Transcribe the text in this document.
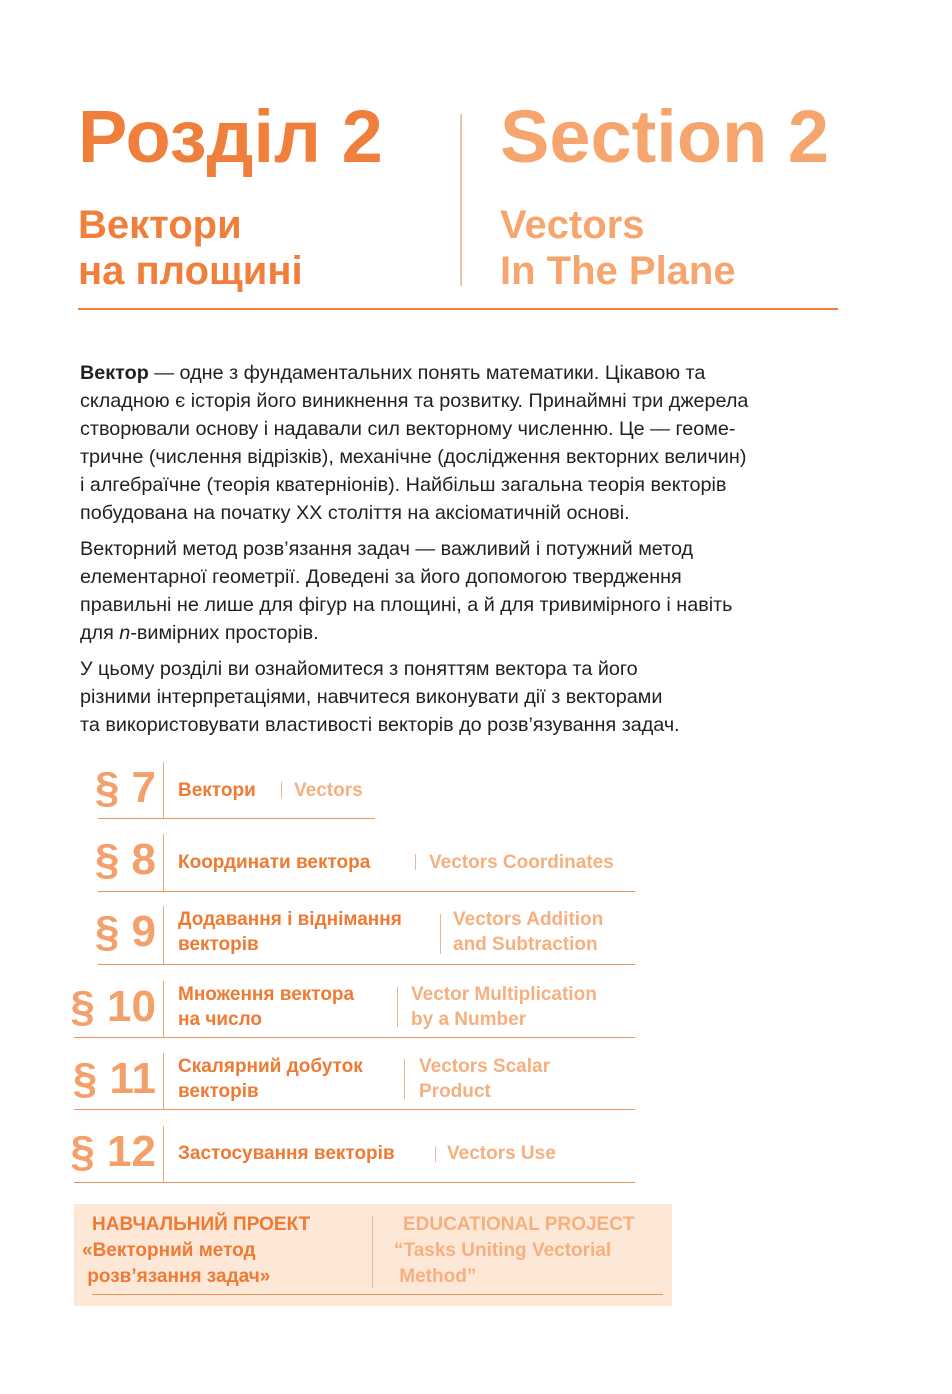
Розділ 2 Section 2
Вектори
на площині
Vectors
In The Plane

Вектор — одне з фундаментальних понять математики. Цікавою та
складною є історія його виникнення та розвитку. Принаймні три джерела
створювали основу і надавали сил векторному численню. Це — геоме-
тричне (числення відрізків), механічне (дослідження векторних величин)
і алгебраїчне (теорія кватерніонів). Найбільш загальна теорія векторів
побудована на початку XX століття на аксіоматичній основі.

Векторний метод розв’язання задач — важливий і потужний метод
елементарної геометрії. Доведені за його допомогою твердження
правильні не лише для фігур на площині, а й для тривимірного і навіть
для n-вимірних просторів.

У цьому розділі ви ознайомитеся з поняттям вектора та його
різними інтерпретаціями, навчитеся виконувати дії з векторами
та використовувати властивості векторів до розв’язування задач.

§ 7 Вектори Vectors
§ 8 Координати вектора	Vectors Coordinates
§ 9 Додавання і віднімання
векторів
Vectors Addition
and Subtraction
§ 10 Множення вектора
на число
Vector Multiplication
by a Number
§ 11 Скалярний добуток
векторів
Vectors Scalar
Product
§ 12 Застосування векторів	Vectors Use
НАВЧАЛЬНИЙ ПРОЕКТ
«Векторний метод
розв’язання задач»
EDUCATIONAL PROJECT
“Tasks Uniting Vectorial
Method”
